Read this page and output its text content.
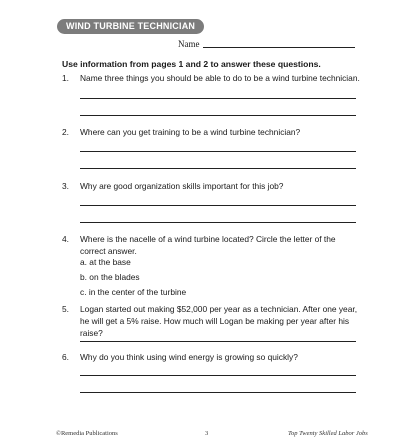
WIND TURBINE TECHNICIAN
Name
Use information from pages 1 and 2 to answer these questions.
1. Name three things you should be able to do to be a wind turbine technician.
2. Where can you get training to be a wind turbine technician?
3. Why are good organization skills important for this job?
4. Where is the nacelle of a wind turbine located? Circle the letter of the correct answer.
a. at the base
b. on the blades
c. in the center of the turbine
5. Logan started out making $52,000 per year as a technician. After one year, he will get a 5% raise. How much will Logan be making per year after his raise?
6. Why do you think using wind energy is growing so quickly?
©Remedia Publications	3	Top Twenty Skilled Labor Jobs
